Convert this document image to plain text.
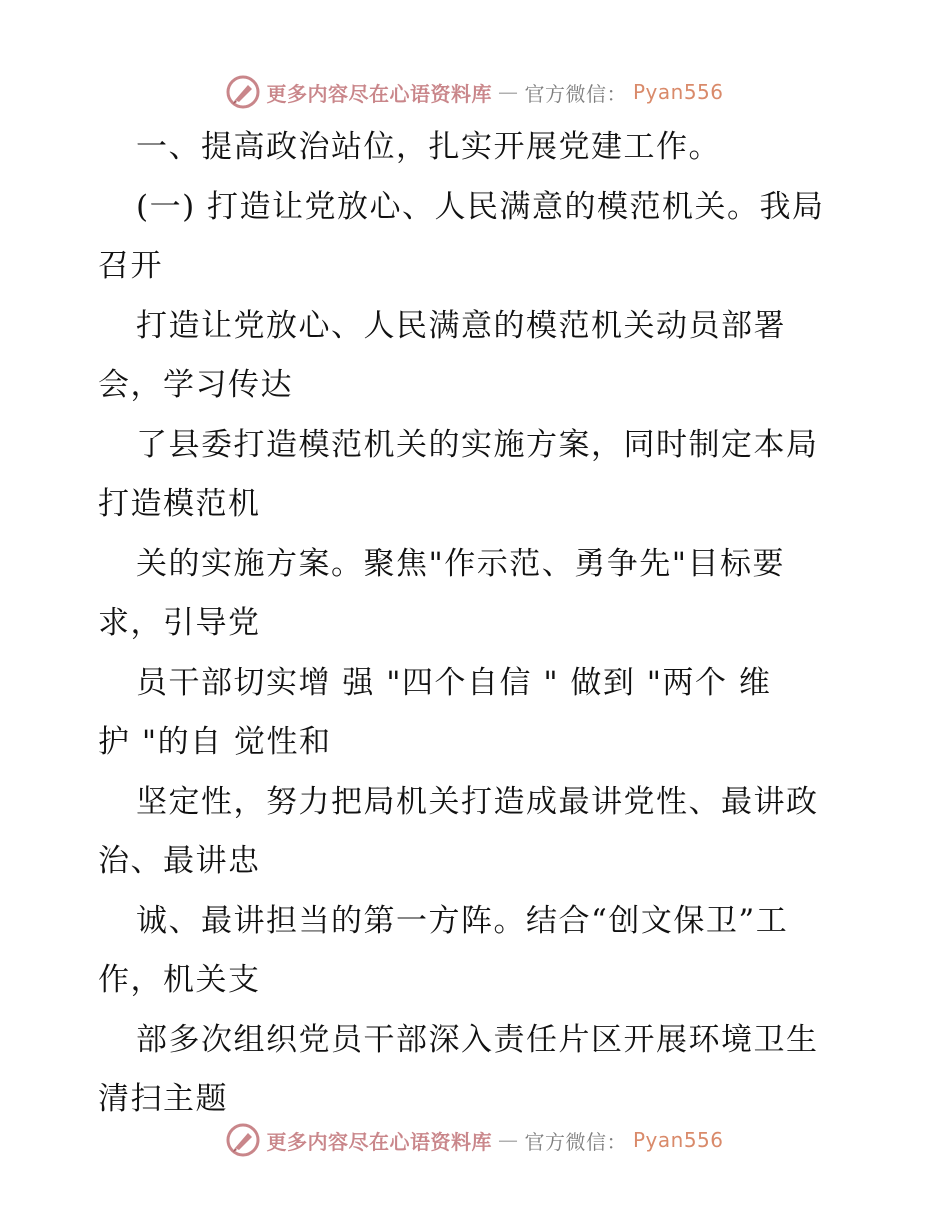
更多内容尽在心语资料库 — 官方微信： Pyan556
一、提高政治站位，扎实开展党建工作。
(一) 打造让党放心、人民满意的模范机关。我局
召开
打造让党放心、人民满意的模范机关动员部署
会，学习传达
了县委打造模范机关的实施方案，同时制定本局
打造模范机
关的实施方案。聚焦"作示范、勇争先"目标要
求，引导党
员干部切实增 强 "四个自信 " 做到 "两个 维
护 "的自 觉性和
坚定性，努力把局机关打造成最讲党性、最讲政
治、最讲忠
诚、最讲担当的第一方阵。结合“创文保卫”工
作，机关支
部多次组织党员干部深入责任片区开展环境卫生
清扫主题
更多内容尽在心语资料库 — 官方微信： Pyan556
